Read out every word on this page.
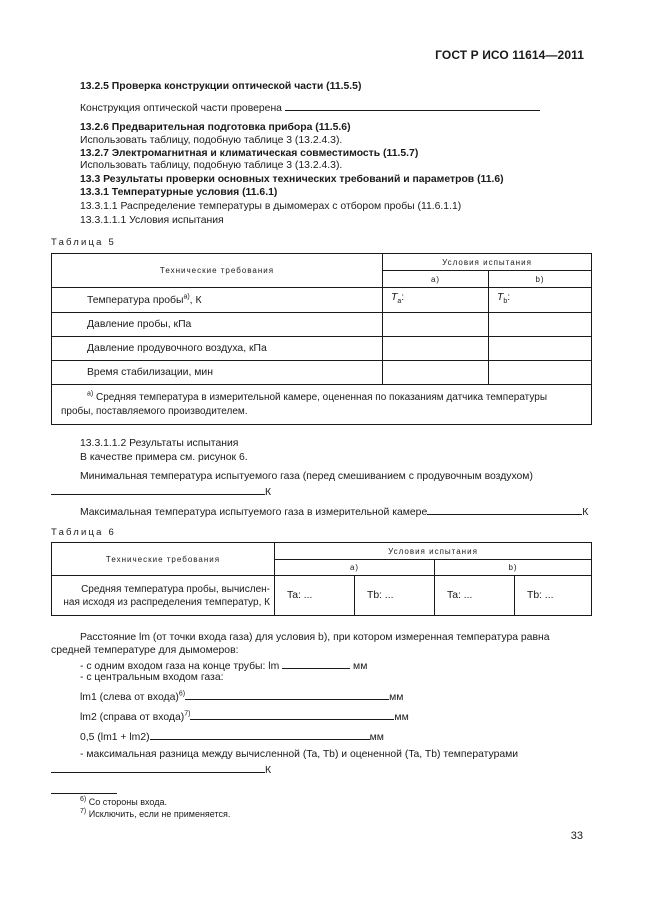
ГОСТ Р ИСО 11614—2011
13.2.5 Проверка конструкции оптической части (11.5.5)
Конструкция оптической части проверена
13.2.6 Предварительная подготовка прибора (11.5.6)
Использовать таблицу, подобную таблице 3 (13.2.4.3).
13.2.7 Электромагнитная и климатическая совместимость (11.5.7)
Использовать таблицу, подобную таблице 3 (13.2.4.3).
13.3 Результаты проверки основных технических требований и параметров (11.6)
13.3.1 Температурные условия (11.6.1)
13.3.1.1 Распределение температуры в дымомерах с отбором пробы (11.6.1.1)
13.3.1.1.1 Условия испытания
Таблица 5
Технические требования	Условия испытания	
	а)	b)
Температура пробы$^{а)}$, К	$T_a$:	$T_b$:
Давление пробы, кПа		
Давление продувочного воздуха, кПа		
Время стабилизации, мин		

$^{а)}$ Средняя температура в измерительной камере, оцененная по показаниям датчика температуры
пробы, поставляемого производителем.		
13.3.1.1.2 Результаты испытания
В качестве примера см. рисунок 6.
Минимальная температура испытуемого газа (перед смешиванием с продувочным воздухом)
К
Максимальная температура испытуемого газа в измерительной камере	К
Таблица 6
Технические требования	Условия испытания			
	а)		b)	

Средняя температура пробы, вычислен-
ная исходя из распределения температур, К	Ta: ...	Tb: ...	Ta: ...	Tb: ...
Расстояние lm (от точки входа газа) для условия b), при котором измеренная температура равна
средней температуре для дымомеров:
- с одним входом газа на конце трубы: lm	мм
- с центральным входом газа:
lm1 (слева от входа)$^{6)}$	мм
lm2 (справа от входа)$^{7)}$	мм
0,5 (lm1 + lm2)	мм
- максимальная разница между вычисленной (Ta, Tb) и оцененной (Ta, Tb) температурами
К
$^{6)}$ Со стороны входа.
$^{7)}$ Исключить, если не применяется.
33
